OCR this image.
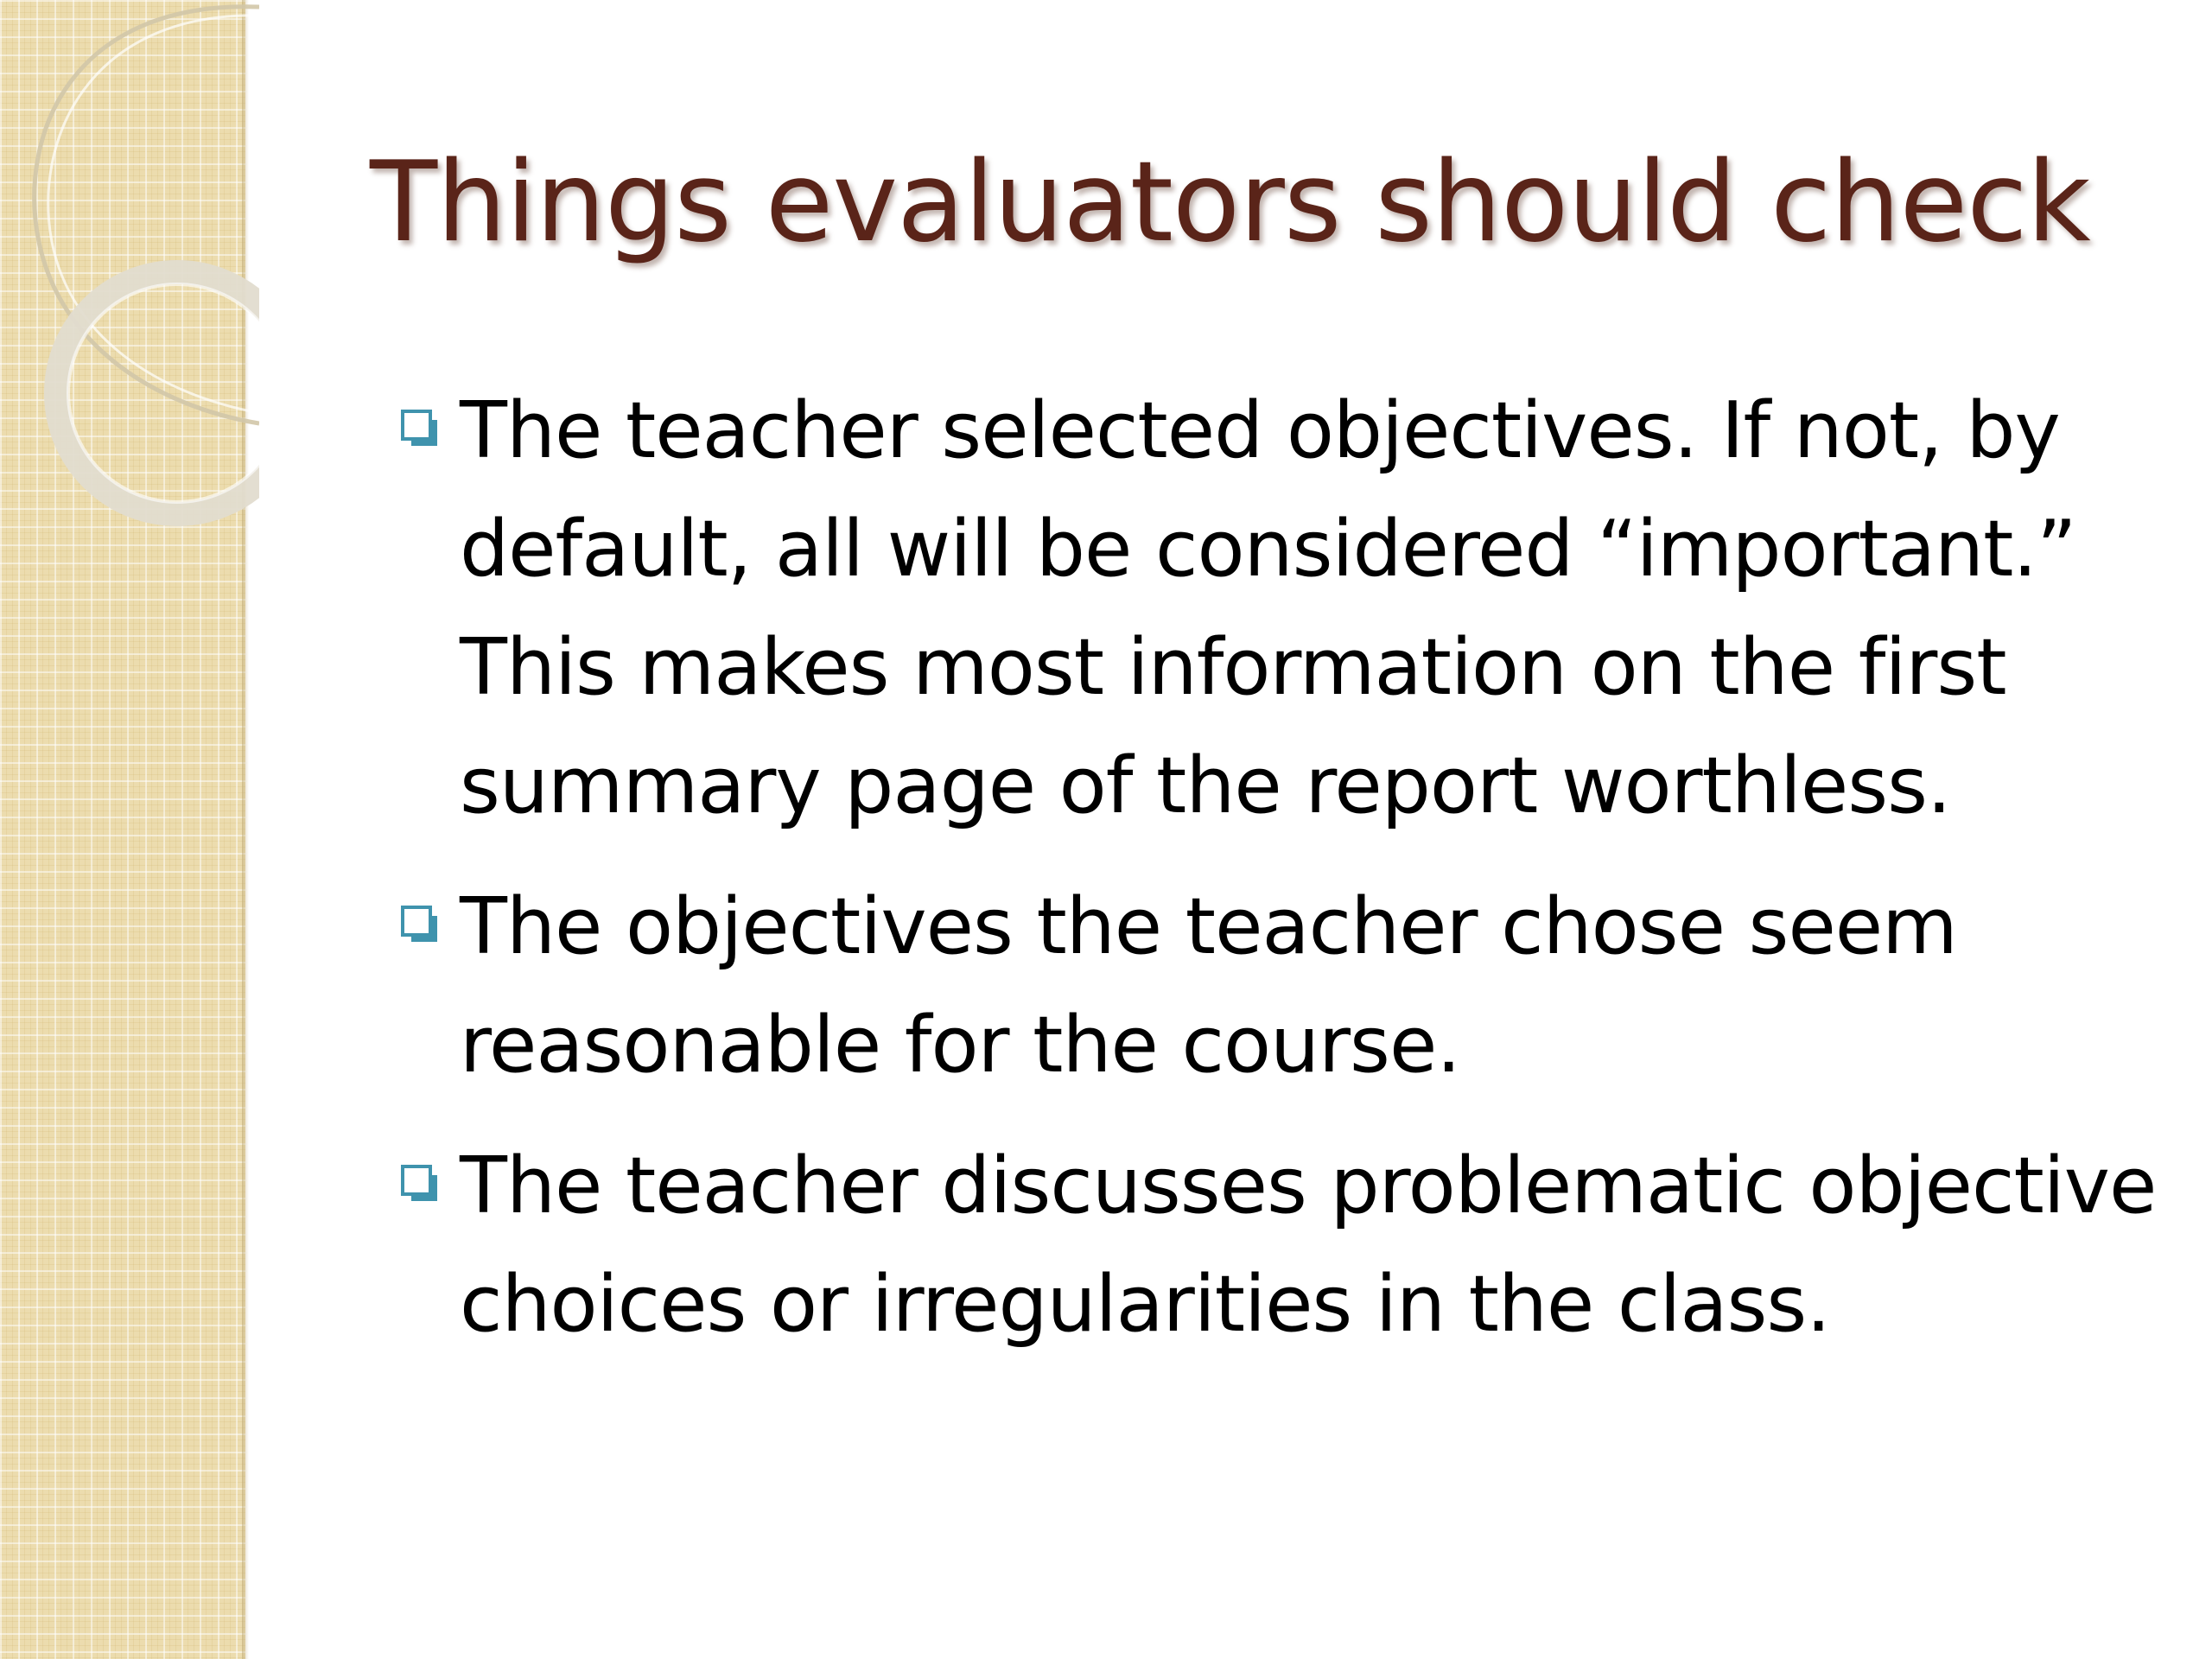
Things evaluators should check
The teacher selected objectives. If not, by default, all will be considered “important.” This makes most information on the first summary page of the report worthless.
The objectives the teacher chose seem reasonable for the course.
The teacher discusses problematic objective choices or irregularities in the class.
